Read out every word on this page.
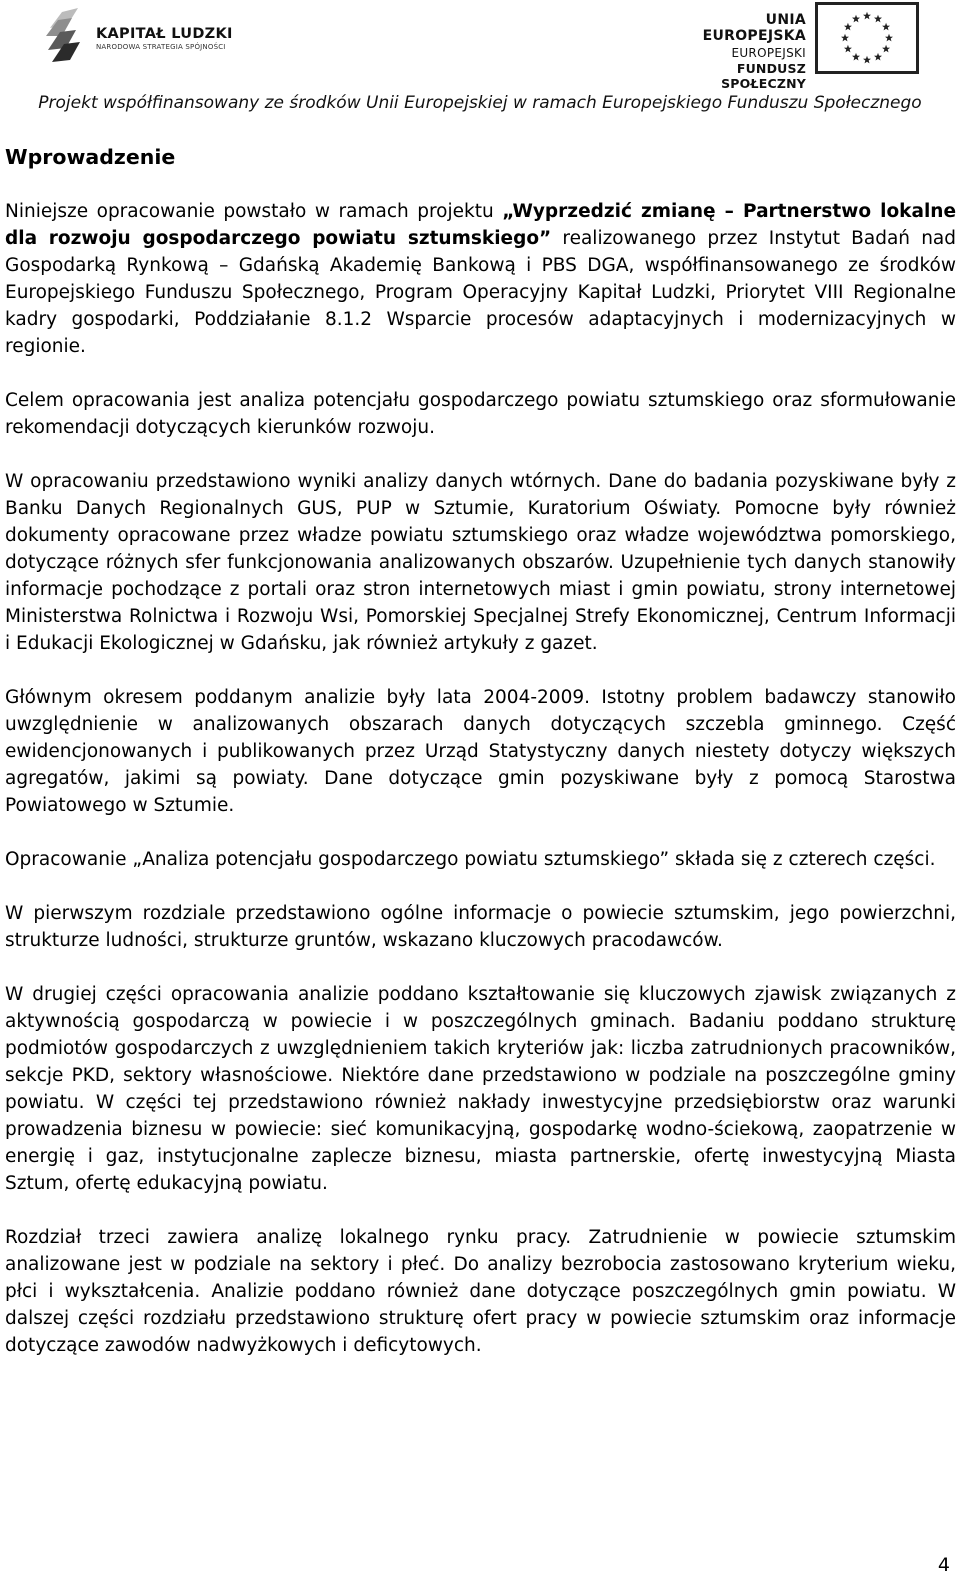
KAPITAŁ LUDZKI
NARODOWA STRATEGIA SPÓJNOŚCI
UNIA EUROPEJSKA
EUROPEJSKI
FUNDUSZ SPOŁECZNY
Projekt współfinansowany ze środków Unii Europejskiej w ramach Europejskiego Funduszu Społecznego
Wprowadzenie

Niniejsze opracowanie powstało w ramach projektu „Wyprzedzić zmianę – Partnerstwo lokalne dla rozwoju gospodarczego powiatu sztumskiego” realizowanego przez Instytut Badań nad Gospodarką Rynkową – Gdańską Akademię Bankową i PBS DGA, współfinansowanego ze środków Europejskiego Funduszu Społecznego, Program Operacyjny Kapitał Ludzki, Priorytet VIII Regionalne kadry gospodarki, Poddziałanie 8.1.2 Wsparcie procesów adaptacyjnych i modernizacyjnych w regionie.

Celem opracowania jest analiza potencjału gospodarczego powiatu sztumskiego oraz sformułowanie rekomendacji dotyczących kierunków rozwoju.

W opracowaniu przedstawiono wyniki analizy danych wtórnych. Dane do badania pozyskiwane były z Banku Danych Regionalnych GUS, PUP w Sztumie, Kuratorium Oświaty. Pomocne były również dokumenty opracowane przez władze powiatu sztumskiego oraz władze województwa pomorskiego, dotyczące różnych sfer funkcjonowania analizowanych obszarów. Uzupełnienie tych danych stanowiły informacje pochodzące z portali oraz stron internetowych miast i gmin powiatu, strony internetowej Ministerstwa Rolnictwa i Rozwoju Wsi, Pomorskiej Specjalnej Strefy Ekonomicznej, Centrum Informacji i Edukacji Ekologicznej w Gdańsku, jak również artykuły z gazet.

Głównym okresem poddanym analizie były lata 2004-2009. Istotny problem badawczy stanowiło uwzględnienie w analizowanych obszarach danych dotyczących szczebla gminnego. Część ewidencjonowanych i publikowanych przez Urząd Statystyczny danych niestety dotyczy większych agregatów, jakimi są powiaty. Dane dotyczące gmin pozyskiwane były z pomocą Starostwa Powiatowego w Sztumie.

Opracowanie „Analiza potencjału gospodarczego powiatu sztumskiego” składa się z czterech części.

W pierwszym rozdziale przedstawiono ogólne informacje o powiecie sztumskim, jego powierzchni, strukturze ludności, strukturze gruntów, wskazano kluczowych pracodawców.

W drugiej części opracowania analizie poddano kształtowanie się kluczowych zjawisk związanych z aktywnością gospodarczą w powiecie i w poszczególnych gminach. Badaniu poddano strukturę podmiotów gospodarczych z uwzględnieniem takich kryteriów jak: liczba zatrudnionych pracowników, sekcje PKD, sektory własnościowe. Niektóre dane przedstawiono w podziale na poszczególne gminy powiatu. W części tej przedstawiono również nakłady inwestycyjne przedsiębiorstw oraz warunki prowadzenia biznesu w powiecie: sieć komunikacyjną, gospodarkę wodno-ściekową, zaopatrzenie w energię i gaz, instytucjonalne zaplecze biznesu, miasta partnerskie, ofertę inwestycyjną Miasta Sztum, ofertę edukacyjną powiatu.

Rozdział trzeci zawiera analizę lokalnego rynku pracy. Zatrudnienie w powiecie sztumskim analizowane jest w podziale na sektory i płeć. Do analizy bezrobocia zastosowano kryterium wieku, płci i wykształcenia. Analizie poddano również dane dotyczące poszczególnych gmin powiatu. W dalszej części rozdziału przedstawiono strukturę ofert pracy w powiecie sztumskim oraz informacje dotyczące zawodów nadwyżkowych i deficytowych.

4
